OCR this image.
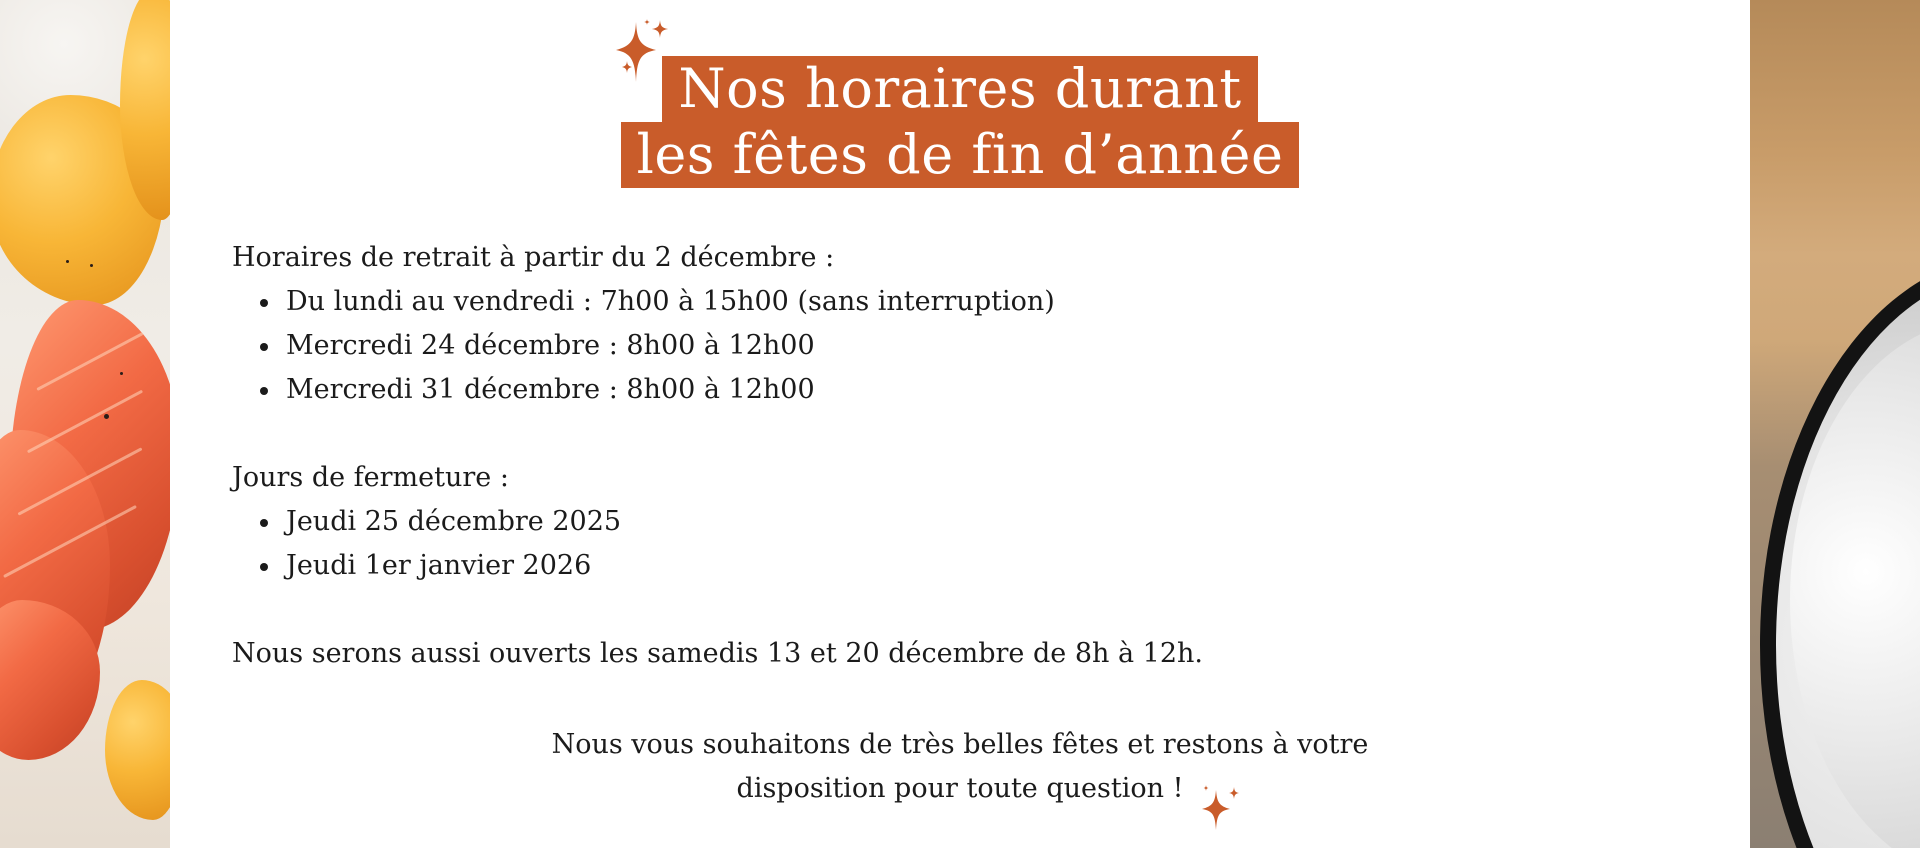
Nos horaires durant
les fêtes de fin d’année

Horaires de retrait à partir du 2 décembre :

Du lundi au vendredi : 7h00 à 15h00 (sans interruption)
Mercredi 24 décembre : 8h00 à 12h00
Mercredi 31 décembre : 8h00 à 12h00

Jours de fermeture :

Jeudi 25 décembre 2025
Jeudi 1er janvier 2026

Nous serons aussi ouverts les samedis 13 et 20 décembre de 8h à 12h.

Nous vous souhaitons de très belles fêtes et restons à votre
disposition pour toute question !
